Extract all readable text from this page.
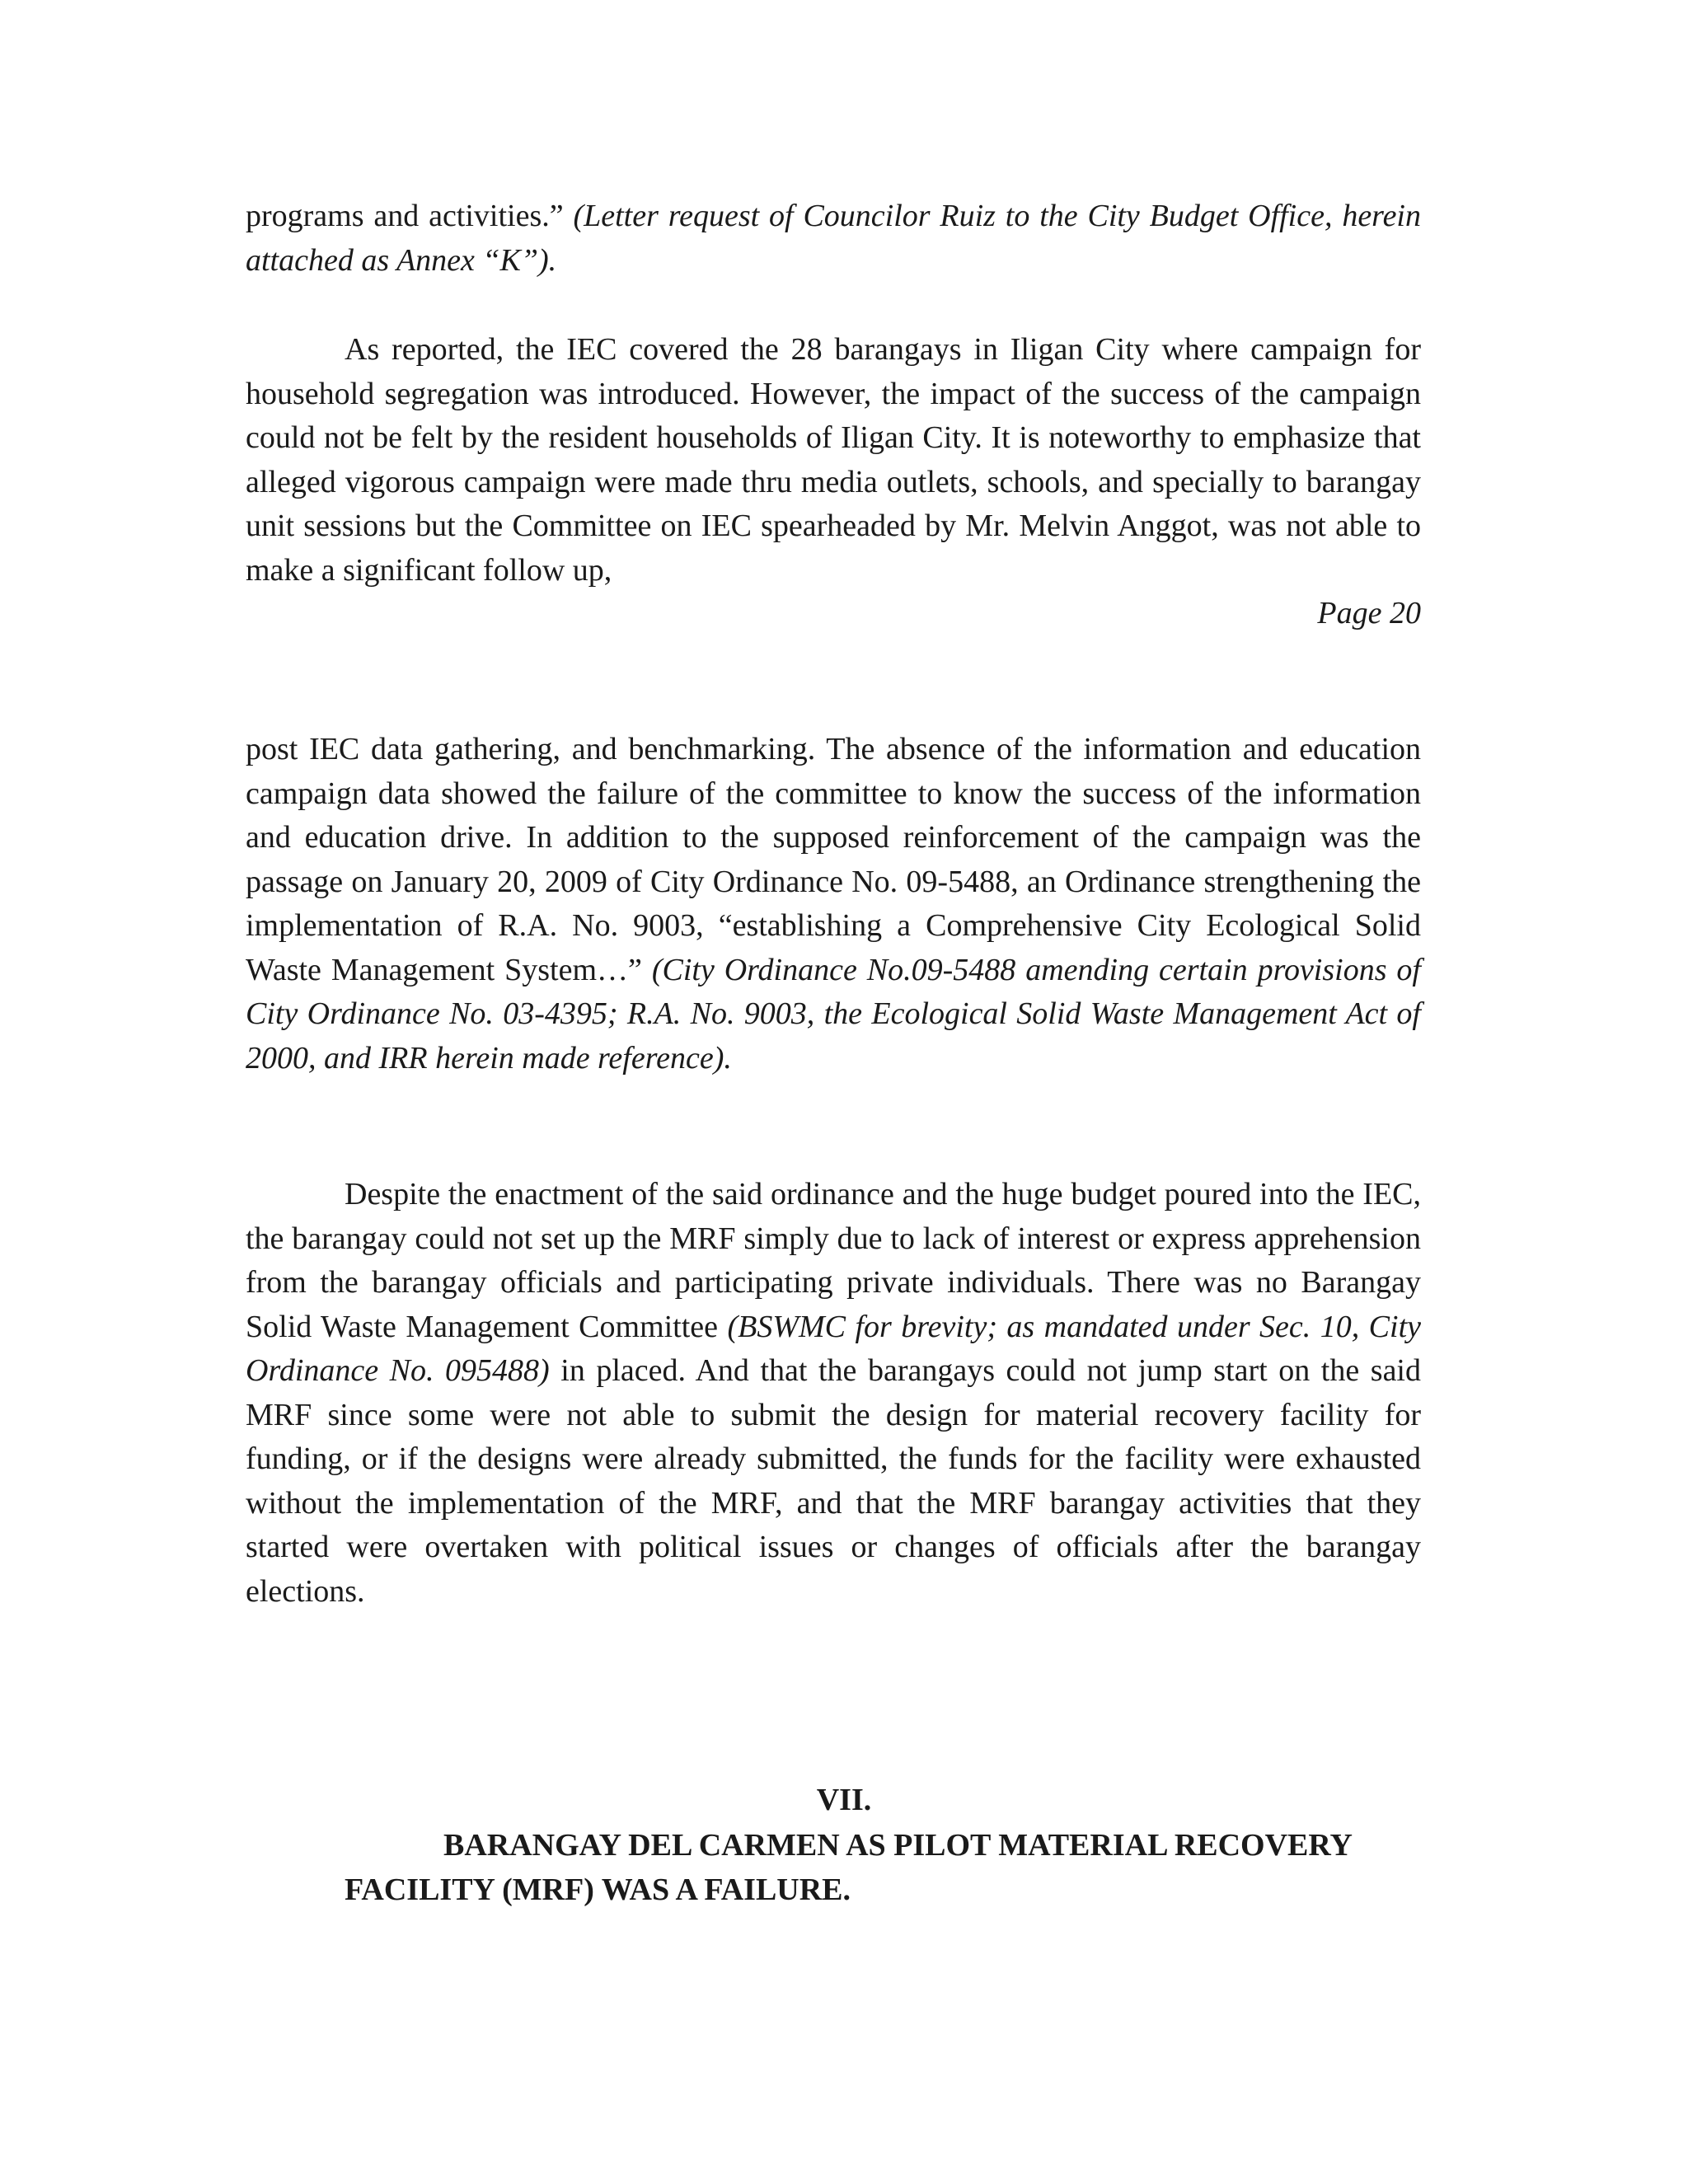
programs and activities.” (Letter request of Councilor Ruiz to the City Budget Office, herein attached as Annex “K”).

As reported, the IEC covered the 28 barangays in Iligan City where campaign for household segregation was introduced. However, the impact of the success of the campaign could not be felt by the resident households of Iligan City. It is noteworthy to emphasize that alleged vigorous campaign were made thru media outlets, schools, and specially to barangay unit sessions but the Committee on IEC spearheaded by Mr. Melvin Anggot, was not able to make a significant follow up,

Page 20

post IEC data gathering, and benchmarking. The absence of the information and education campaign data showed the failure of the committee to know the success of the information and education drive. In addition to the supposed reinforcement of the campaign was the passage on January 20, 2009 of City Ordinance No. 09-5488, an Ordinance strengthening the implementation of R.A. No. 9003, “establishing a Comprehensive City Ecological Solid Waste Management System…” (City Ordinance No.09-5488 amending certain provisions of City Ordinance No. 03-4395; R.A. No. 9003, the Ecological Solid Waste Management Act of 2000, and IRR herein made reference).

Despite the enactment of the said ordinance and the huge budget poured into the IEC, the barangay could not set up the MRF simply due to lack of interest or express apprehension from the barangay officials and participating private individuals. There was no Barangay Solid Waste Management Committee (BSWMC for brevity; as mandated under Sec. 10, City Ordinance No. 095488) in placed. And that the barangays could not jump start on the said MRF since some were not able to submit the design for material recovery facility for funding, or if the designs were already submitted, the funds for the facility were exhausted without the implementation of the MRF, and that the MRF barangay activities that they started were overtaken with political issues or changes of officials after the barangay elections.

VII.
BARANGAY DEL CARMEN AS PILOT MATERIAL RECOVERY
FACILITY (MRF) WAS A FAILURE.
